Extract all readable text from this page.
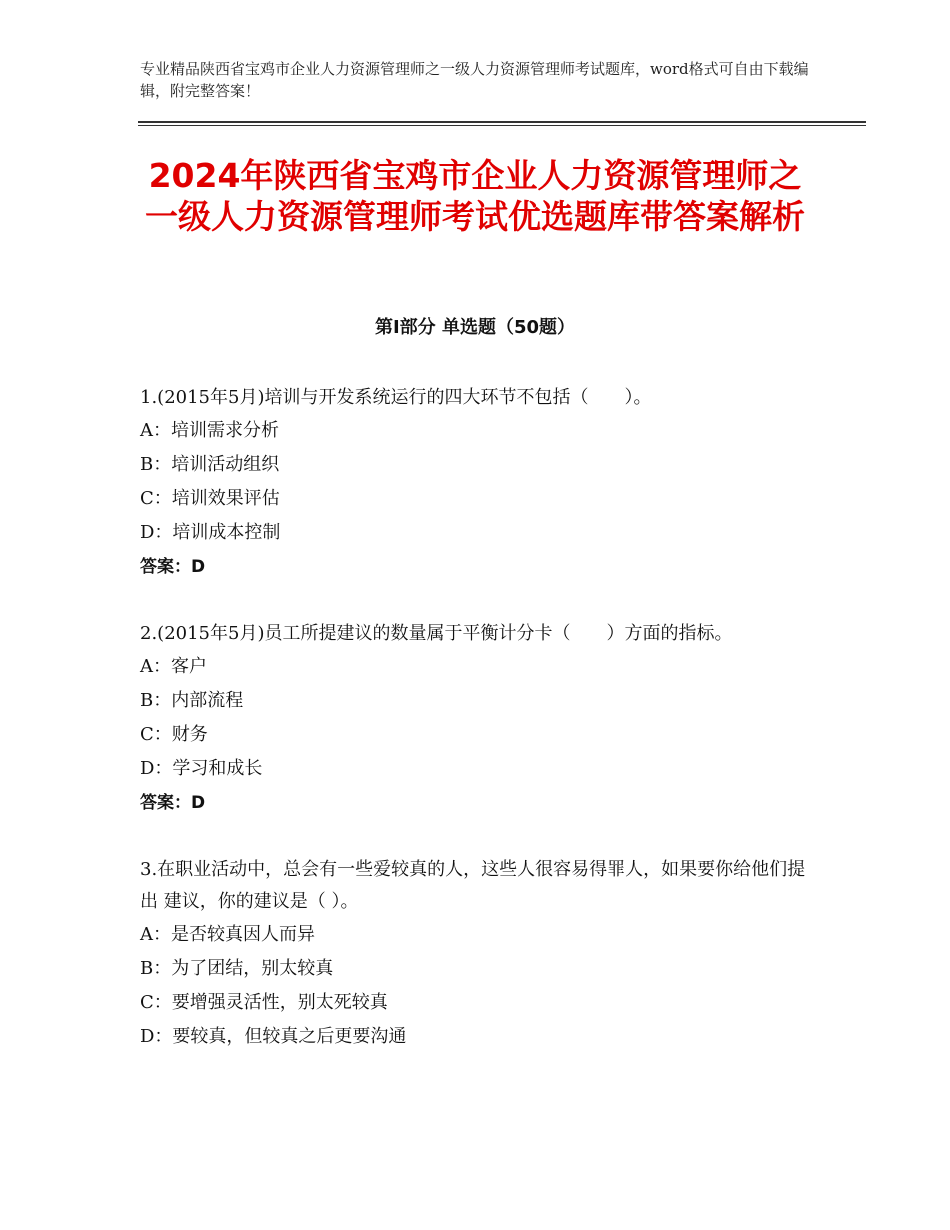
专业精品陕西省宝鸡市企业人力资源管理师之一级人力资源管理师考试题库，word格式可自由下载编辑，附完整答案！
2024年陕西省宝鸡市企业人力资源管理师之一级人力资源管理师考试优选题库带答案解析
第Ⅰ部分 单选题（50题）

1.(2015年5月)培训与开发系统运行的四大环节不包括（　　）。

A：培训需求分析

B：培训活动组织

C：培训效果评估

D：培训成本控制

答案：D

2.(2015年5月)员工所提建议的数量属于平衡计分卡（　　）方面的指标。

A：客户

B：内部流程

C：财务

D：学习和成长

答案：D

3.在职业活动中，总会有一些爱较真的人，这些人很容易得罪人，如果要你给他们提出 建议，你的建议是（ ）。

A：是否较真因人而异

B：为了团结，别太较真

C：要增强灵活性，别太死较真

D：要较真，但较真之后更要沟通
